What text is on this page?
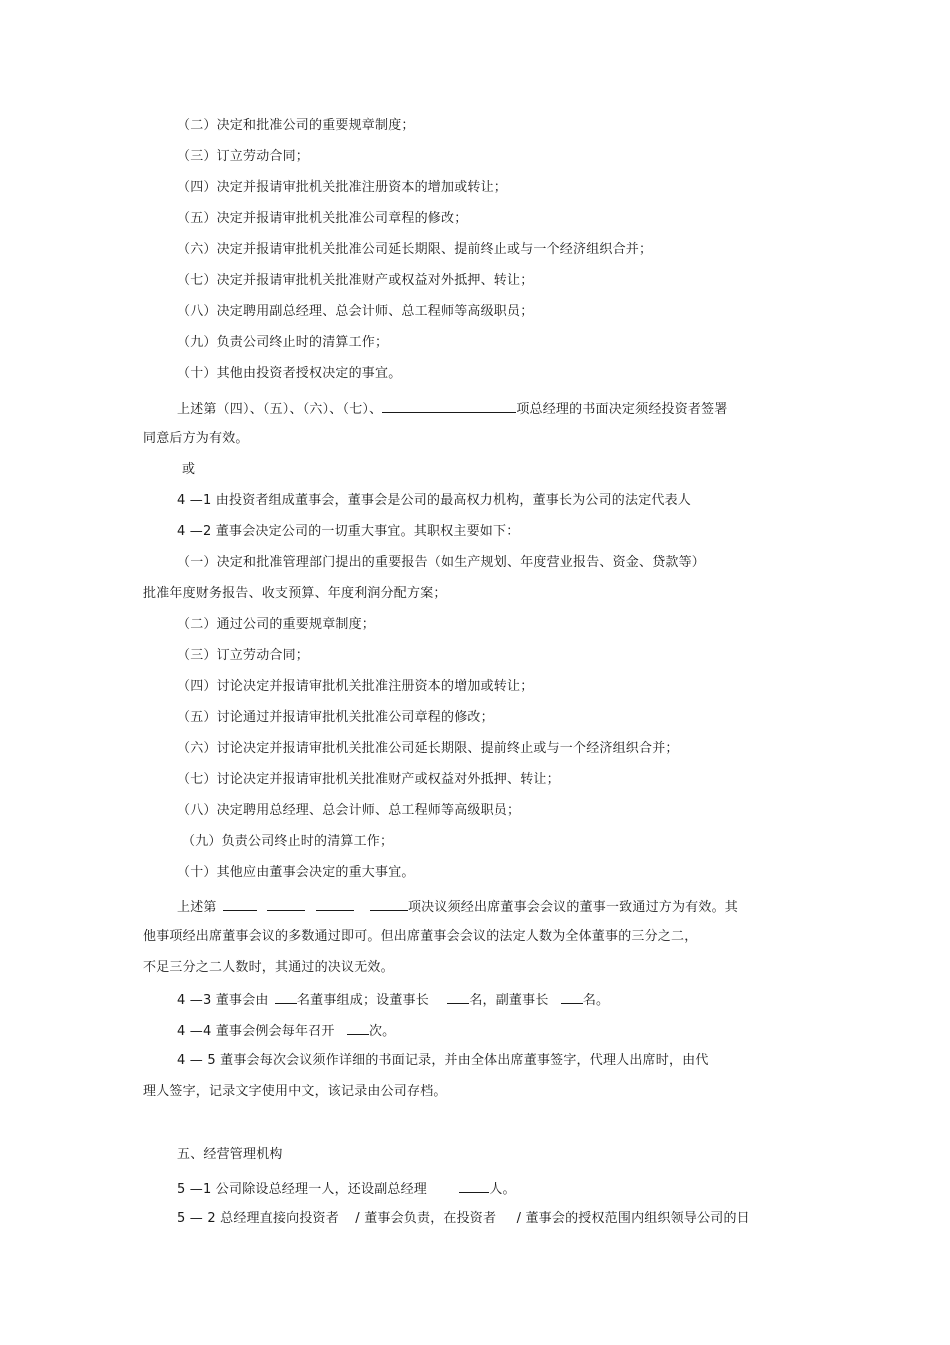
（二）决定和批准公司的重要规章制度；
（三）订立劳动合同；
（四）决定并报请审批机关批准注册资本的增加或转让；
（五）决定并报请审批机关批准公司章程的修改；
（六）决定并报请审批机关批准公司延长期限、提前终止或与一个经济组织合并；
（七）决定并报请审批机关批准财产或权益对外抵押、转让；
（八）决定聘用副总经理、总会计师、总工程师等高级职员；
（九）负责公司终止时的清算工作；
（十）其他由投资者授权决定的事宜。
上述第（四）、（五）、（六）、（七）、	项总经理的书面决定须经投资者签署
同意后方为有效。
或
4 —1 由投资者组成董事会，董事会是公司的最高权力机构，董事长为公司的法定代表人
4 —2 董事会决定公司的一切重大事宜。其职权主要如下：
（一）决定和批准管理部门提出的重要报告（如生产规划、年度营业报告、资金、贷款等）
批准年度财务报告、收支预算、年度利润分配方案；
（二）通过公司的重要规章制度；
（三）订立劳动合同；
（四）讨论决定并报请审批机关批准注册资本的增加或转让；
（五）讨论通过并报请审批机关批准公司章程的修改；
（六）讨论决定并报请审批机关批准公司延长期限、提前终止或与一个经济组织合并；
（七）讨论决定并报请审批机关批准财产或权益对外抵押、转让；
（八）决定聘用总经理、总会计师、总工程师等高级职员；
（九）负责公司终止时的清算工作；
（十）其他应由董事会决定的重大事宜。
上述第	项决议须经出席董事会会议的董事一致通过方为有效。其
他事项经出席董事会议的多数通过即可。但出席董事会会议的法定人数为全体董事的三分之二，
不足三分之二人数时，其通过的决议无效。
4 —3 董事会由 名董事组成；设董事长	名，副董事长	名。
4 —4 董事会例会每年召开	次。
4 — 5 董事会每次会议须作详细的书面记录，并由全体出席董事签字，代理人出席时，由代
理人签字，记录文字使用中文，该记录由公司存档。
五、经营管理机构
5 —1 公司除设总经理一人，还设副总经理	人。
5 — 2 总经理直接向投资者 / 董事会负责，在投资者 / 董事会的授权范围内组织领导公司的日
